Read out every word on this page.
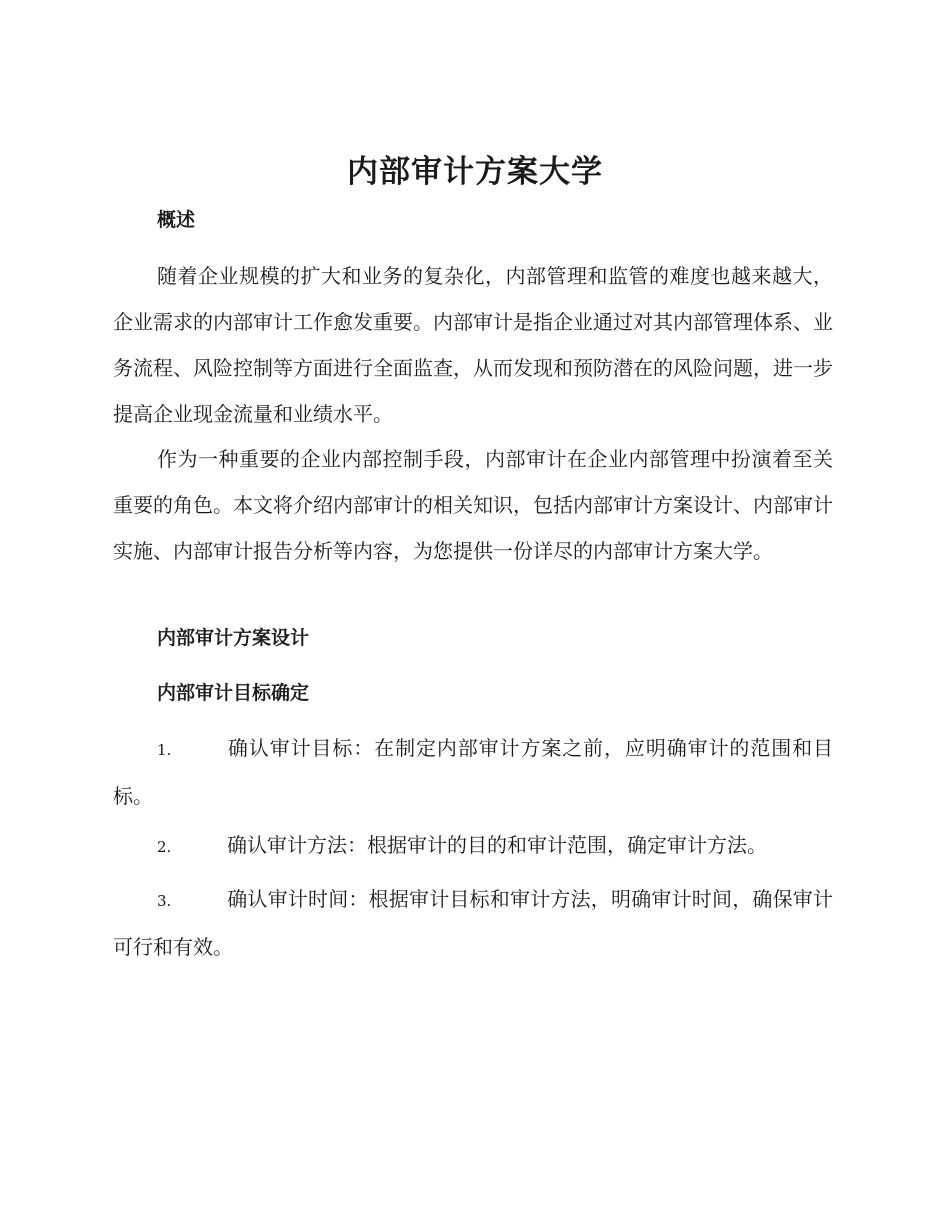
内部审计方案大学
概述

随着企业规模的扩大和业务的复杂化，内部管理和监管的难度也越来越大，企业需求的内部审计工作愈发重要。内部审计是指企业通过对其内部管理体系、业务流程、风险控制等方面进行全面监查，从而发现和预防潜在的风险问题，进一步提高企业现金流量和业绩水平。

作为一种重要的企业内部控制手段，内部审计在企业内部管理中扮演着至关重要的角色。本文将介绍内部审计的相关知识，包括内部审计方案设计、内部审计实施、内部审计报告分析等内容，为您提供一份详尽的内部审计方案大学。

内部审计方案设计
内部审计目标确定

1.	确认审计目标：在制定内部审计方案之前，应明确审计的范围和目标。

2.	确认审计方法：根据审计的目的和审计范围，确定审计方法。

3.	确认审计时间：根据审计目标和审计方法，明确审计时间，确保审计可行和有效。
